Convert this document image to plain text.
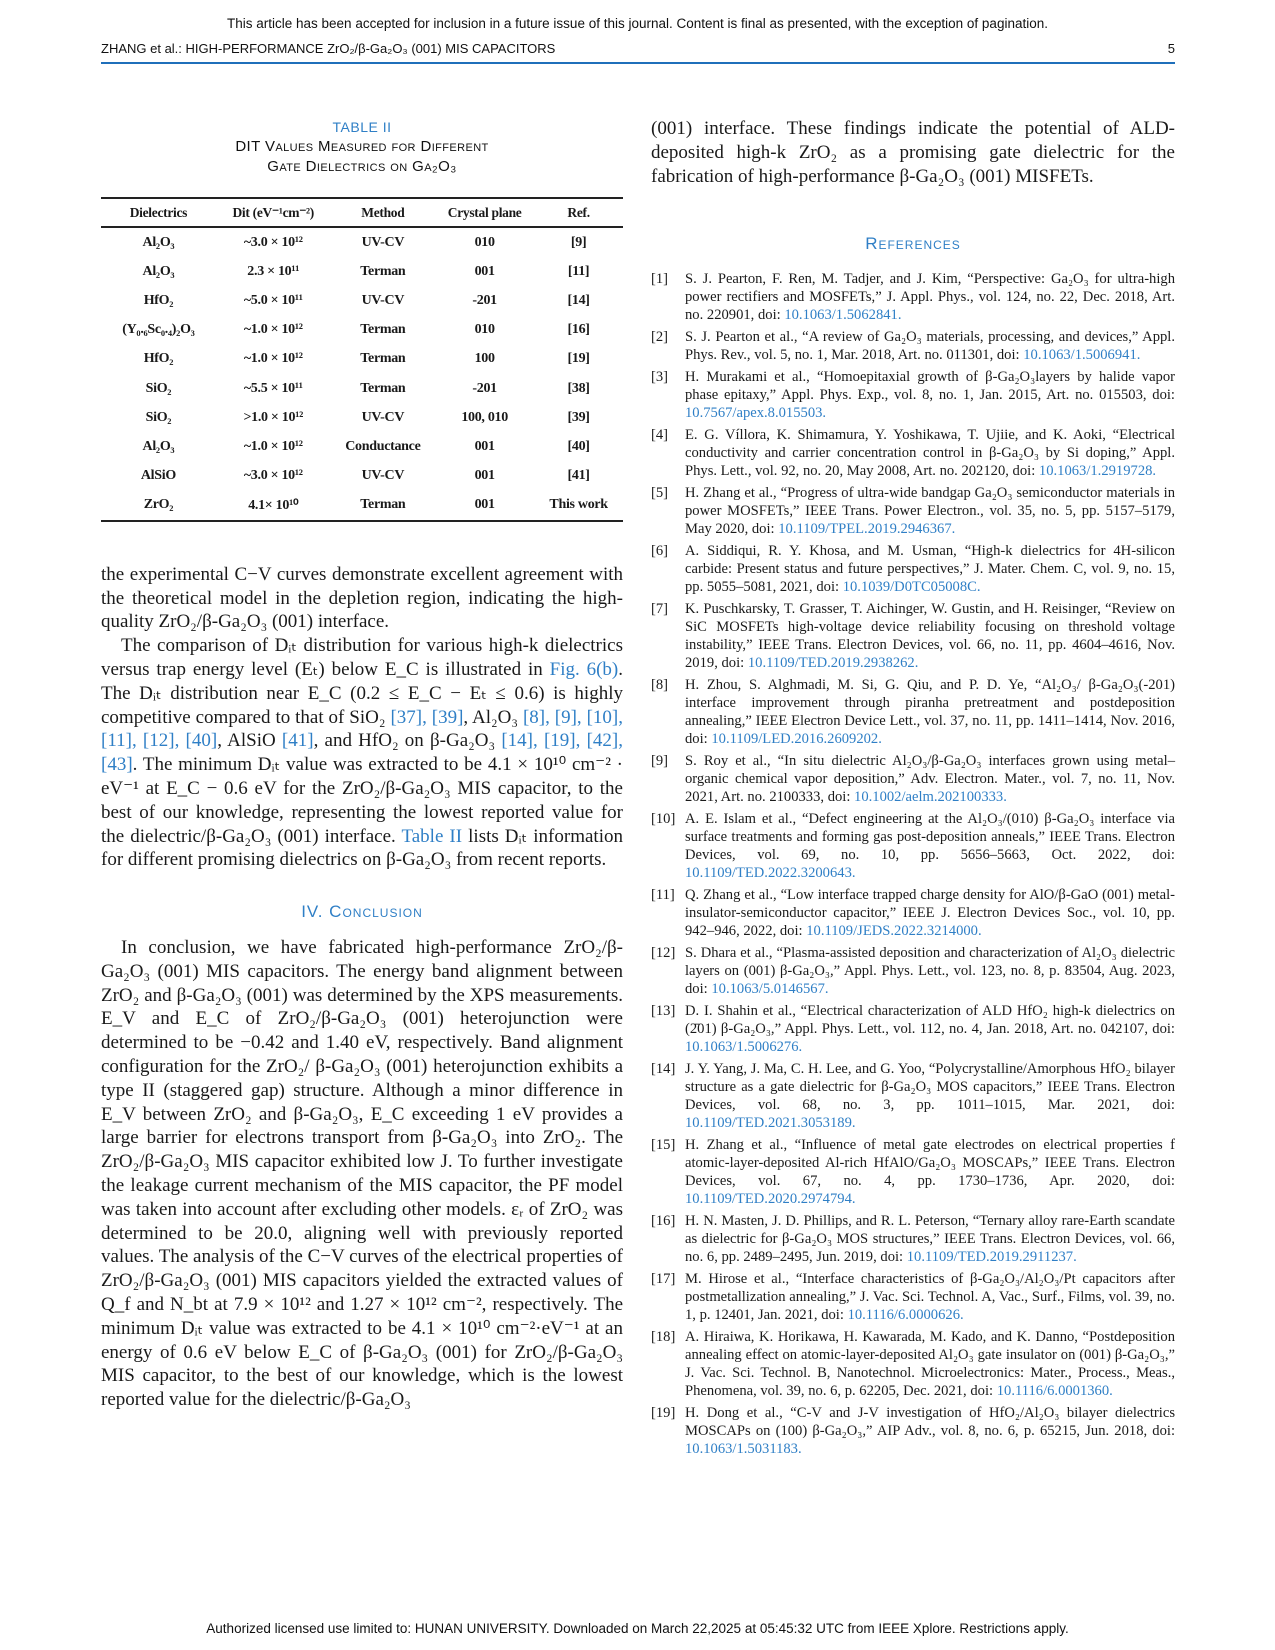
This article has been accepted for inclusion in a future issue of this journal. Content is final as presented, with the exception of pagination.
ZHANG et al.: HIGH-PERFORMANCE ZrO₂/β-Ga₂O₃ (001) MIS CAPACITORS	5
TABLE II
DIT Values Measured for Different
Gate Dielectrics on Ga₂O₃
Dielectrics	Dit (eV⁻¹cm⁻²)	Method	Crystal plane	Ref.
Al₂O₃	~3.0 × 10¹²	UV-CV	010	[9]
Al₂O₃	2.3 × 10¹¹	Terman	001	[11]
HfO₂	~5.0 × 10¹¹	UV-CV	-201	[14]
(Y₀.₆Sc₀.₄)₂O₃	~1.0 × 10¹²	Terman	010	[16]
HfO₂	~1.0 × 10¹²	Terman	100	[19]
SiO₂	~5.5 × 10¹¹	Terman	-201	[38]
SiO₂	>1.0 × 10¹²	UV-CV	100, 010	[39]
Al₂O₃	~1.0 × 10¹²	Conductance	001	[40]
AlSiO	~3.0 × 10¹²	UV-CV	001	[41]
ZrO₂	4.1× 10¹⁰	Terman	001	This work

the experimental C−V curves demonstrate excellent agreement with the theoretical model in the depletion region, indicating the high-quality ZrO₂/β-Ga₂O₃ (001) interface.

The comparison of Dᵢₜ distribution for various high-k dielectrics versus trap energy level (Eₜ) below E_C is illustrated in Fig. 6(b). The Dᵢₜ distribution near E_C (0.2 ≤ E_C − Eₜ ≤ 0.6) is highly competitive compared to that of SiO₂ [37], [39], Al₂O₃ [8], [9], [10], [11], [12], [40], AlSiO [41], and HfO₂ on β-Ga₂O₃ [14], [19], [42], [43]. The minimum Dᵢₜ value was extracted to be 4.1 × 10¹⁰ cm⁻² · eV⁻¹ at E_C − 0.6 eV for the ZrO₂/β-Ga₂O₃ MIS capacitor, to the best of our knowledge, representing the lowest reported value for the dielectric/β-Ga₂O₃ (001) interface. Table II lists Dᵢₜ information for different promising dielectrics on β-Ga₂O₃ from recent reports.

IV. Conclusion

In conclusion, we have fabricated high-performance ZrO₂/β-Ga₂O₃ (001) MIS capacitors. The energy band alignment between ZrO₂ and β-Ga₂O₃ (001) was determined by the XPS measurements. E_V and E_C of ZrO₂/β-Ga₂O₃ (001) heterojunction were determined to be −0.42 and 1.40 eV, respectively. Band alignment configuration for the ZrO₂/ β-Ga₂O₃ (001) heterojunction exhibits a type II (staggered gap) structure. Although a minor difference in E_V between ZrO₂ and β-Ga₂O₃, E_C exceeding 1 eV provides a large barrier for electrons transport from β-Ga₂O₃ into ZrO₂. The ZrO₂/β-Ga₂O₃ MIS capacitor exhibited low J. To further investigate the leakage current mechanism of the MIS capacitor, the PF model was taken into account after excluding other models. εᵣ of ZrO₂ was determined to be 20.0, aligning well with previously reported values. The analysis of the C−V curves of the electrical properties of ZrO₂/β-Ga₂O₃ (001) MIS capacitors yielded the extracted values of Q_f and N_bt at 7.9 × 10¹² and 1.27 × 10¹² cm⁻², respectively. The minimum Dᵢₜ value was extracted to be 4.1 × 10¹⁰ cm⁻²·eV⁻¹ at an energy of 0.6 eV below E_C of β-Ga₂O₃ (001) for ZrO₂/β-Ga₂O₃ MIS capacitor, to the best of our knowledge, which is the lowest reported value for the dielectric/β-Ga₂O₃

(001) interface. These findings indicate the potential of ALD-deposited high-k ZrO₂ as a promising gate dielectric for the fabrication of high-performance β-Ga₂O₃ (001) MISFETs.

References
[1]	S. J. Pearton, F. Ren, M. Tadjer, and J. Kim, “Perspective: Ga₂O₃ for ultra-high power rectifiers and MOSFETs,” J. Appl. Phys., vol. 124, no. 22, Dec. 2018, Art. no. 220901, doi: 10.1063/1.5062841.
[2]	S. J. Pearton et al., “A review of Ga₂O₃ materials, processing, and devices,” Appl. Phys. Rev., vol. 5, no. 1, Mar. 2018, Art. no. 011301, doi: 10.1063/1.5006941.
[3]	H. Murakami et al., “Homoepitaxial growth of β-Ga₂O₃layers by halide vapor phase epitaxy,” Appl. Phys. Exp., vol. 8, no. 1, Jan. 2015, Art. no. 015503, doi: 10.7567/apex.8.015503.
[4]	E. G. Víllora, K. Shimamura, Y. Yoshikawa, T. Ujiie, and K. Aoki, “Electrical conductivity and carrier concentration control in β-Ga₂O₃ by Si doping,” Appl. Phys. Lett., vol. 92, no. 20, May 2008, Art. no. 202120, doi: 10.1063/1.2919728.
[5]	H. Zhang et al., “Progress of ultra-wide bandgap Ga₂O₃ semiconductor materials in power MOSFETs,” IEEE Trans. Power Electron., vol. 35, no. 5, pp. 5157–5179, May 2020, doi: 10.1109/TPEL.2019.2946367.
[6]	A. Siddiqui, R. Y. Khosa, and M. Usman, “High-k dielectrics for 4H-silicon carbide: Present status and future perspectives,” J. Mater. Chem. C, vol. 9, no. 15, pp. 5055–5081, 2021, doi: 10.1039/D0TC05008C.
[7]	K. Puschkarsky, T. Grasser, T. Aichinger, W. Gustin, and H. Reisinger, “Review on SiC MOSFETs high-voltage device reliability focusing on threshold voltage instability,” IEEE Trans. Electron Devices, vol. 66, no. 11, pp. 4604–4616, Nov. 2019, doi: 10.1109/TED.2019.2938262.
[8]	H. Zhou, S. Alghmadi, M. Si, G. Qiu, and P. D. Ye, “Al₂O₃/ β-Ga₂O₃(-201) interface improvement through piranha pretreatment and postdeposition annealing,” IEEE Electron Device Lett., vol. 37, no. 11, pp. 1411–1414, Nov. 2016, doi: 10.1109/LED.2016.2609202.
[9]	S. Roy et al., “In situ dielectric Al₂O₃/β-Ga₂O₃ interfaces grown using metal–organic chemical vapor deposition,” Adv. Electron. Mater., vol. 7, no. 11, Nov. 2021, Art. no. 2100333, doi: 10.1002/aelm.202100333.
[10] A. E. Islam et al., “Defect engineering at the Al₂O₃/(010) β-Ga₂O₃ interface via surface treatments and forming gas post-deposition anneals,” IEEE Trans. Electron Devices, vol. 69, no. 10, pp. 5656–5663, Oct. 2022, doi: 10.1109/TED.2022.3200643.
[11] Q. Zhang et al., “Low interface trapped charge density for AlO/β-GaO (001) metal-insulator-semiconductor capacitor,” IEEE J. Electron Devices Soc., vol. 10, pp. 942–946, 2022, doi: 10.1109/JEDS.2022.3214000.
[12] S. Dhara et al., “Plasma-assisted deposition and characterization of Al₂O₃ dielectric layers on (001) β-Ga₂O₃,” Appl. Phys. Lett., vol. 123, no. 8, p. 83504, Aug. 2023, doi: 10.1063/5.0146567.
[13] D. I. Shahin et al., “Electrical characterization of ALD HfO₂ high-k dielectrics on (2̄01) β-Ga₂O₃,” Appl. Phys. Lett., vol. 112, no. 4, Jan. 2018, Art. no. 042107, doi: 10.1063/1.5006276.
[14] J. Y. Yang, J. Ma, C. H. Lee, and G. Yoo, “Polycrystalline/Amorphous HfO₂ bilayer structure as a gate dielectric for β-Ga₂O₃ MOS capacitors,” IEEE Trans. Electron Devices, vol. 68, no. 3, pp. 1011–1015, Mar. 2021, doi: 10.1109/TED.2021.3053189.
[15] H. Zhang et al., “Influence of metal gate electrodes on electrical properties f atomic-layer-deposited Al-rich HfAlO/Ga₂O₃ MOSCAPs,” IEEE Trans. Electron Devices, vol. 67, no. 4, pp. 1730–1736, Apr. 2020, doi: 10.1109/TED.2020.2974794.
[16] H. N. Masten, J. D. Phillips, and R. L. Peterson, “Ternary alloy rare-Earth scandate as dielectric for β-Ga₂O₃ MOS structures,” IEEE Trans. Electron Devices, vol. 66, no. 6, pp. 2489–2495, Jun. 2019, doi: 10.1109/TED.2019.2911237.
[17] M. Hirose et al., “Interface characteristics of β-Ga₂O₃/Al₂O₃/Pt capacitors after postmetallization annealing,” J. Vac. Sci. Technol. A, Vac., Surf., Films, vol. 39, no. 1, p. 12401, Jan. 2021, doi: 10.1116/6.0000626.
[18] A. Hiraiwa, K. Horikawa, H. Kawarada, M. Kado, and K. Danno, “Postdeposition annealing effect on atomic-layer-deposited Al₂O₃ gate insulator on (001) β-Ga₂O₃,” J. Vac. Sci. Technol. B, Nanotechnol. Microelectronics: Mater., Process., Meas., Phenomena, vol. 39, no. 6, p. 62205, Dec. 2021, doi: 10.1116/6.0001360.
[19] H. Dong et al., “C-V and J-V investigation of HfO₂/Al₂O₃ bilayer dielectrics MOSCAPs on (100) β-Ga₂O₃,” AIP Adv., vol. 8, no. 6, p. 65215, Jun. 2018, doi: 10.1063/1.5031183.
Authorized licensed use limited to: HUNAN UNIVERSITY. Downloaded on March 22,2025 at 05:45:32 UTC from IEEE Xplore. Restrictions apply.
